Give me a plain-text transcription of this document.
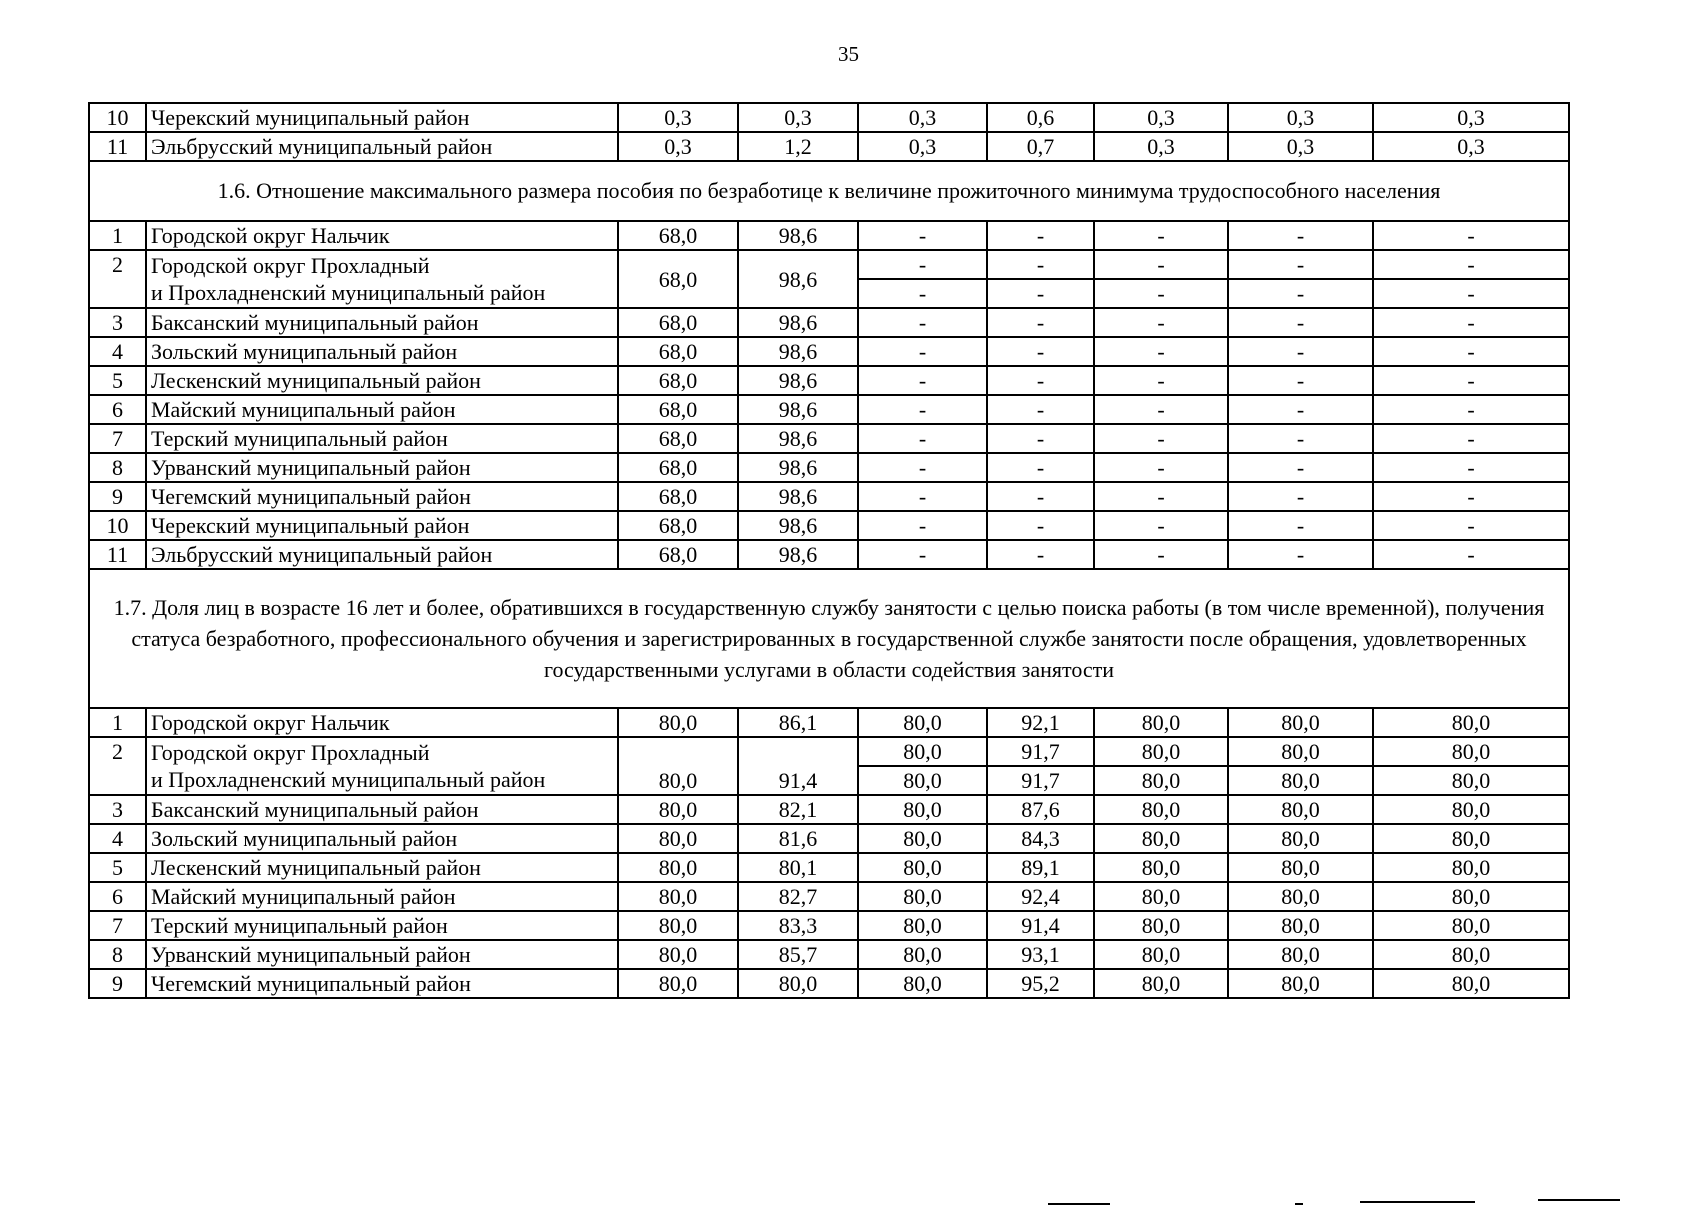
35
10	Черекский муниципальный район	0,3	0,3	0,3	0,6	0,3	0,3	0,3
11	Эльбрусский муниципальный район	0,3	1,2	0,3	0,7	0,3	0,3	0,3
1.6. Отношение максимального размера пособия по безработице к величине прожиточного минимума трудоспособного населения								
1	Городской округ Нальчик	68,0	98,6	-	-	-	-	-
2	Городской округ Прохладный
и Прохладненский муниципальный район	68,0	98,6	-	-	-	-	-
				-	-	-	-	-
3	Баксанский муниципальный район	68,0	98,6	-	-	-	-	-
4	Зольский муниципальный район	68,0	98,6	-	-	-	-	-
5	Лескенский муниципальный район	68,0	98,6	-	-	-	-	-
6	Майский муниципальный район	68,0	98,6	-	-	-	-	-
7	Терский муниципальный район	68,0	98,6	-	-	-	-	-
8	Урванский муниципальный район	68,0	98,6	-	-	-	-	-
9	Чегемский муниципальный район	68,0	98,6	-	-	-	-	-
10	Черекский муниципальный район	68,0	98,6	-	-	-	-	-
11	Эльбрусский муниципальный район	68,0	98,6	-	-	-	-	-
1.7. Доля лиц в возрасте 16 лет и более, обратившихся в государственную службу занятости с целью поиска работы (в том числе временной), получения статуса безработного, профессионального обучения и зарегистрированных в государственной службе занятости после обращения, удовлетворенных государственными услугами в области содействия занятости								
1	Городской округ Нальчик	80,0	86,1	80,0	92,1	80,0	80,0	80,0
2	Городской округ Прохладный
и Прохладненский муниципальный район	80,0	91,4	80,0	91,7	80,0	80,0	80,0
				80,0	91,7	80,0	80,0	80,0
3	Баксанский муниципальный район	80,0	82,1	80,0	87,6	80,0	80,0	80,0
4	Зольский муниципальный район	80,0	81,6	80,0	84,3	80,0	80,0	80,0
5	Лескенский муниципальный район	80,0	80,1	80,0	89,1	80,0	80,0	80,0
6	Майский муниципальный район	80,0	82,7	80,0	92,4	80,0	80,0	80,0
7	Терский муниципальный район	80,0	83,3	80,0	91,4	80,0	80,0	80,0
8	Урванский муниципальный район	80,0	85,7	80,0	93,1	80,0	80,0	80,0
9	Чегемский муниципальный район	80,0	80,0	80,0	95,2	80,0	80,0	80,0
